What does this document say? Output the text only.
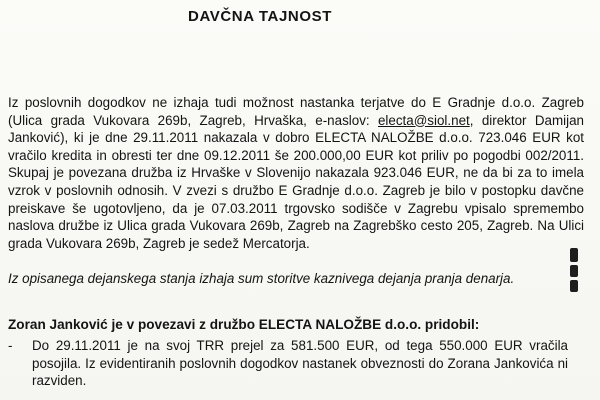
DAVČNA TAJNOST
Iz poslovnih dogodkov ne izhaja tudi možnost nastanka terjatve do E Gradnje d.o.o. Zagreb (Ulica grada Vukovara 269b, Zagreb, Hrvaška, e-naslov: electa@siol.net, direktor Damijan Janković), ki je dne 29.11.2011 nakazala v dobro ELECTA NALOŽBE d.o.o. 723.046 EUR kot vračilo kredita in obresti ter dne 09.12.2011 še 200.000,00 EUR kot priliv po pogodbi 002/2011. Skupaj je povezana družba iz Hrvaške v Slovenijo nakazala 923.046 EUR, ne da bi za to imela vzrok v poslovnih odnosih. V zvezi s družbo E Gradnje d.o.o. Zagreb je bilo v postopku davčne preiskave še ugotovljeno, da je 07.03.2011 trgovsko sodišče v Zagrebu vpisalo spremembo naslova družbe iz Ulica grada Vukovara 269b, Zagreb na Zagrebško cesto 205, Zagreb. Na Ulici grada Vukovara 269b, Zagreb je sedež Mercatorja.
Iz opisanega dejanskega stanja izhaja sum storitve kaznivega dejanja pranja denarja.
Zoran Janković je v povezavi z družbo ELECTA NALOŽBE d.o.o. pridobil:
- Do 29.11.2011 je na svoj TRR prejel za 581.500 EUR, od tega 550.000 EUR vračila posojila. Iz evidentiranih poslovnih dogodkov nastanek obveznosti do Zorana Jankovića ni razviden.
